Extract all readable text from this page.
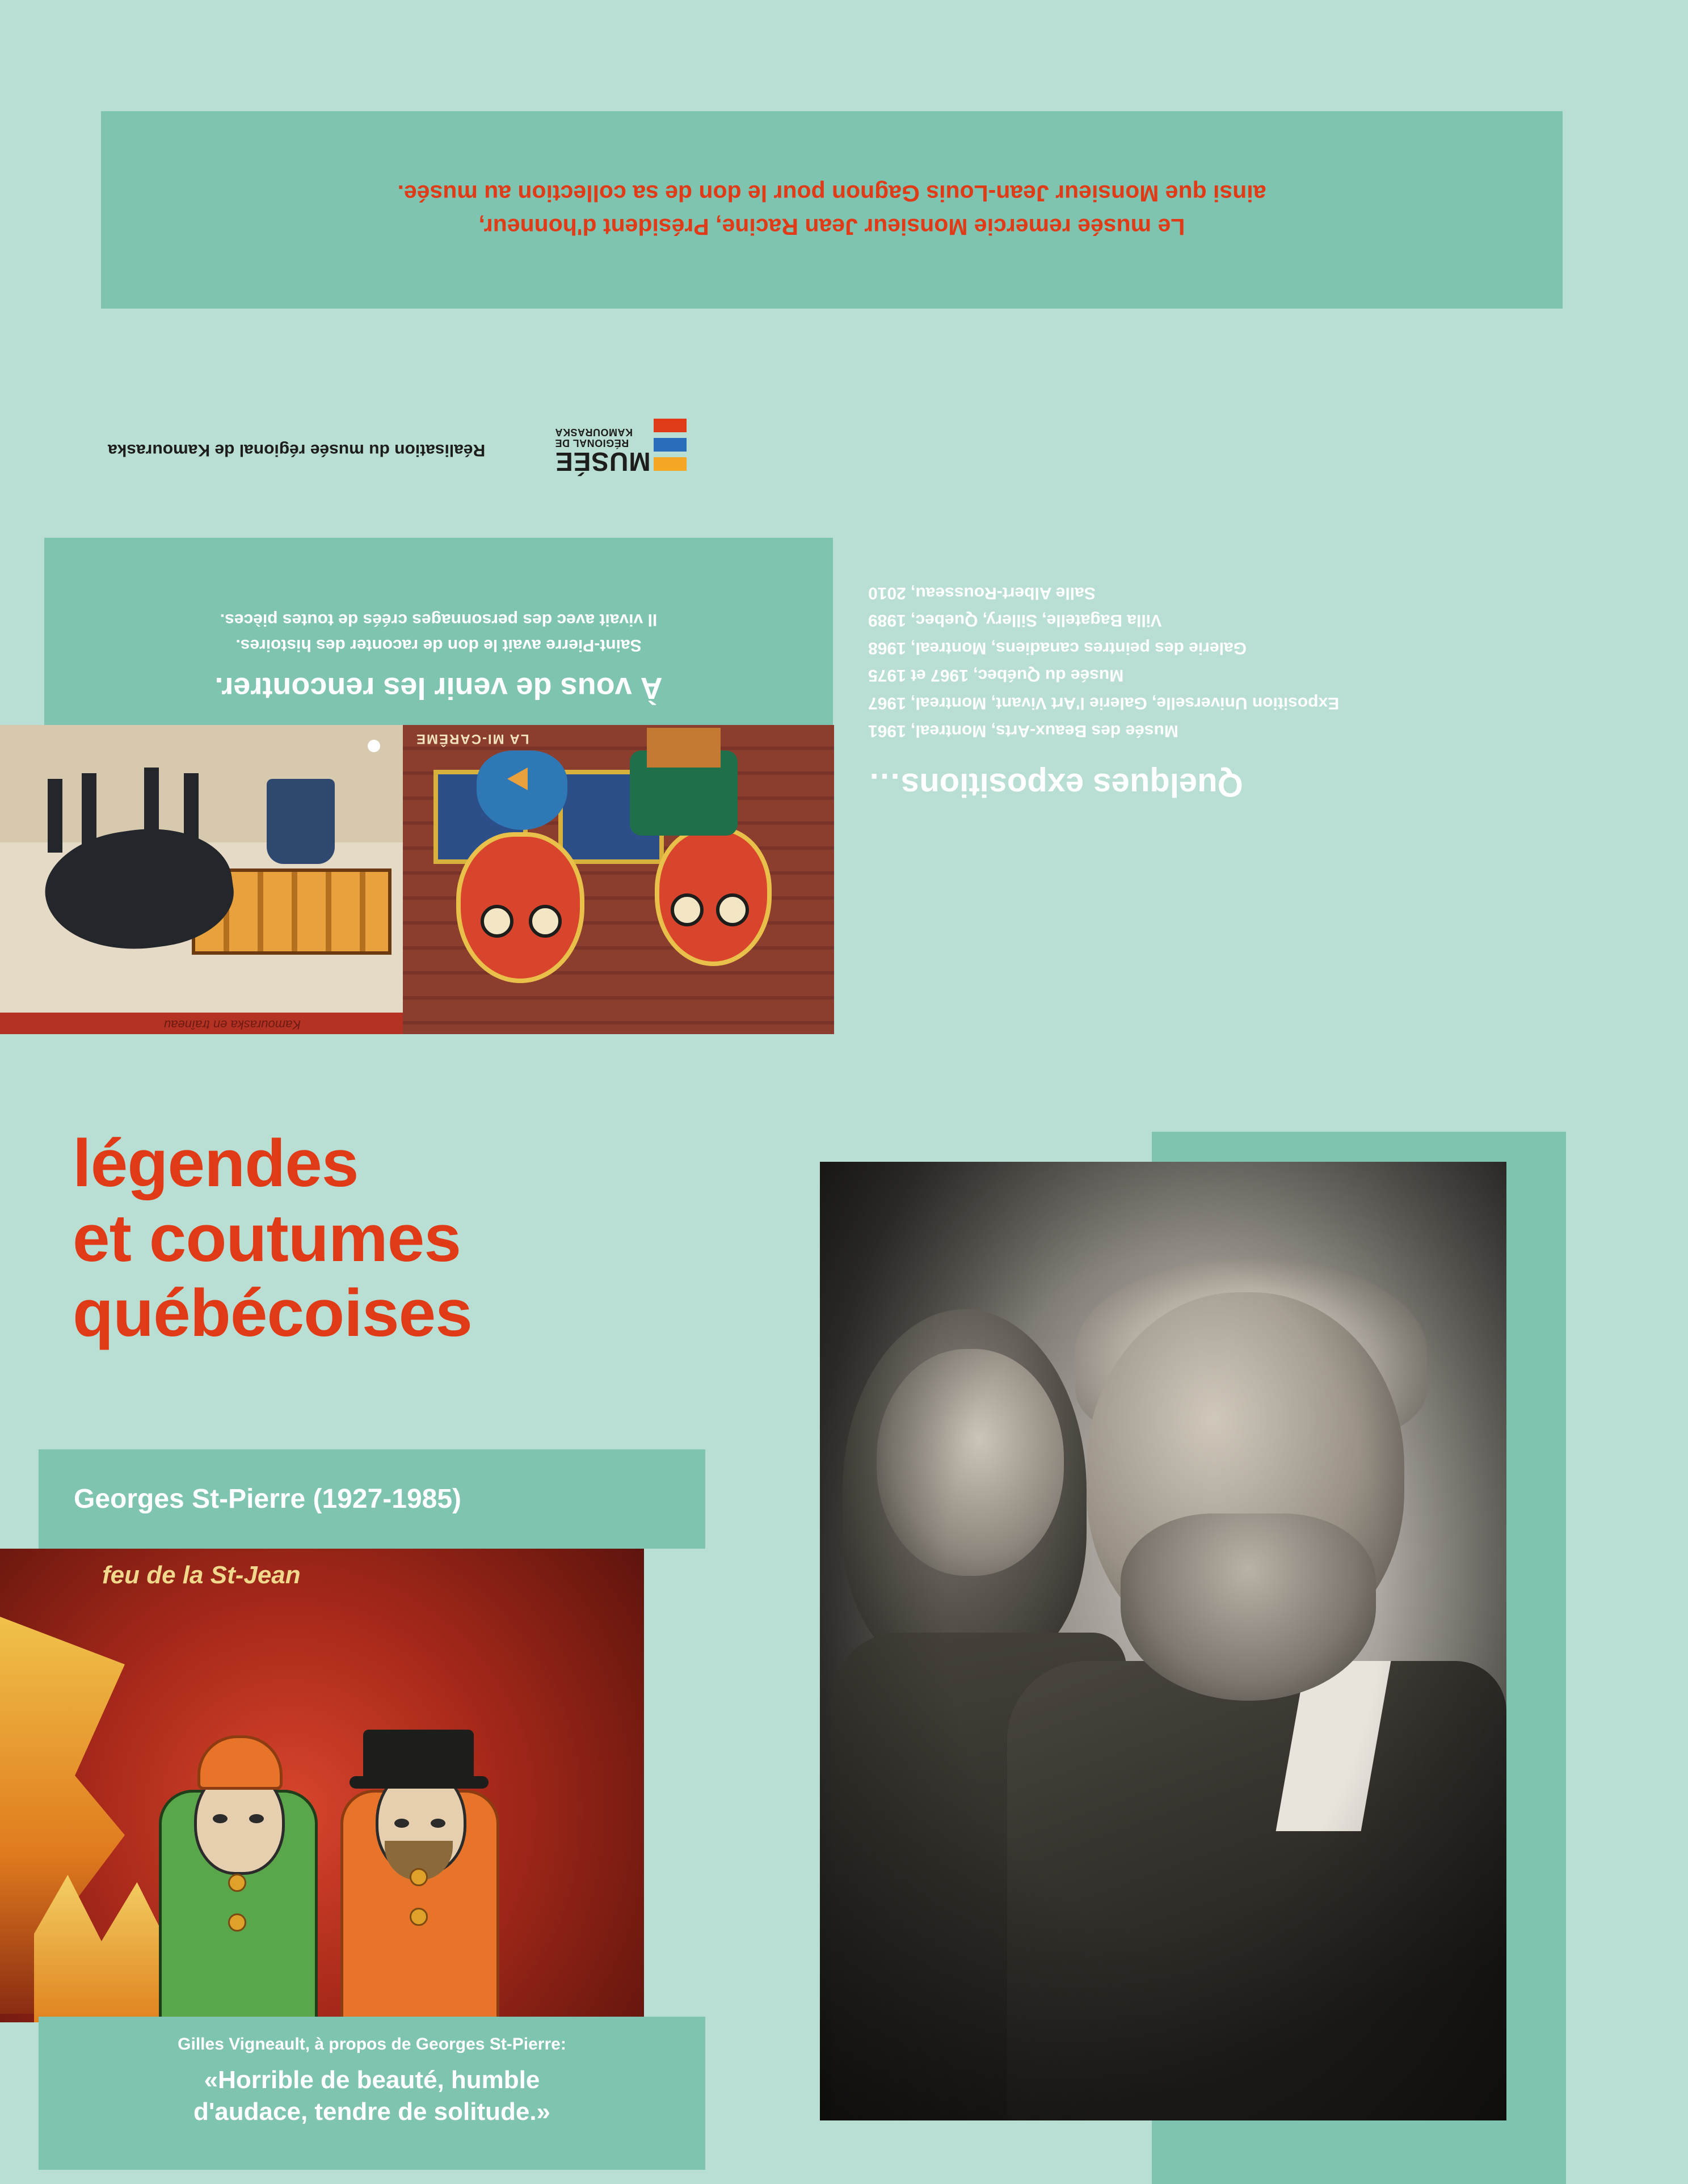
Le musée remercie Monsieur Jean Racine, Président d'honneur,
ainsi que Monsieur Jean-Louis Gagnon pour le don de sa collection au musée.
Réalisation du musée régional de Kamouraska	MUSÉE
RÉGIONAL DE
KAMOURASKA
À vous de venir les rencontrer.
Saint-Pierre avait le don de raconter des histoires.
Il vivait avec des personnages créés de toutes pièces.
Kamouraska en traîneau
LA MI-CARÊME
Quelques expositions…
Musée des Beaux-Arts, Montreal, 1961
Exposition Universelle, Galerie l'Art Vivant, Montreal, 1967
Musée du Québec, 1967 et 1975
Galerie des peintres canadiens, Montreal, 1968
Villa Bagatelle, Sillery, Quebec, 1989
Salle Albert-Rousseau, 2010
légendes
et coutumes
québécoises
Georges St-Pierre (1927-1985)
feu de la St-Jean
Gilles Vigneault, à propos de Georges St-Pierre:
«Horrible de beauté, humble
d'audace, tendre de solitude.»
